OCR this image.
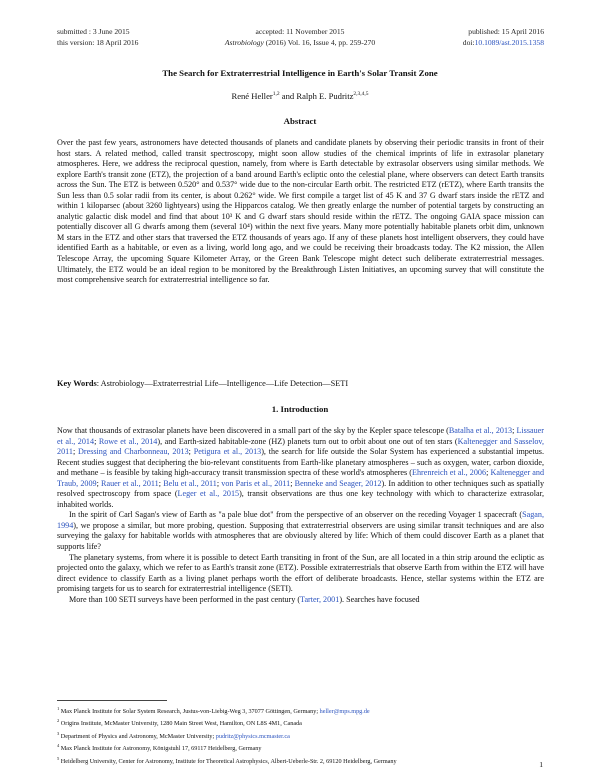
submitted : 3 June 2015
this version: 18 April 2016
accepted: 11 November 2015
Astrobiology (2016) Vol. 16, Issue 4, pp. 259-270
published: 15 April 2016
doi:10.1089/ast.2015.1358
The Search for Extraterrestrial Intelligence in Earth's Solar Transit Zone
René Heller$^{1,2}$ and Ralph E. Pudritz$^{2,3,4,5}$
Abstract

Over the past few years, astronomers have detected thousands of planets and candidate planets by observing their periodic transits in front of their host stars. A related method, called transit spectroscopy, might soon allow studies of the chemical imprints of life in extrasolar planetary atmospheres. Here, we address the reciprocal question, namely, from where is Earth detectable by extrasolar observers using similar methods. We explore Earth's transit zone (ETZ), the projection of a band around Earth's ecliptic onto the celestial plane, where observers can detect Earth transits across the Sun. The ETZ is between 0.520° and 0.537° wide due to the non-circular Earth orbit. The restricted ETZ (rETZ), where Earth transits the Sun less than 0.5 solar radii from its center, is about 0.262° wide. We first compile a target list of 45 K and 37 G dwarf stars inside the rETZ and within 1 kiloparsec (about 3260 lightyears) using the Hipparcos catalog. We then greatly enlarge the number of potential targets by constructing an analytic galactic disk model and find that about 10³ K and G dwarf stars should reside within the rETZ. The ongoing GAIA space mission can potentially discover all G dwarfs among them (several 10⁴) within the next five years. Many more potentially habitable planets orbit dim, unknown M stars in the ETZ and other stars that traversed the ETZ thousands of years ago. If any of these planets host intelligent observers, they could have identified Earth as a habitable, or even as a living, world long ago, and we could be receiving their broadcasts today. The K2 mission, the Allen Telescope Array, the upcoming Square Kilometer Array, or the Green Bank Telescope might detect such deliberate extraterrestrial messages. Ultimately, the ETZ would be an ideal region to be monitored by the Breakthrough Listen Initiatives, an upcoming survey that will constitute the most comprehensive search for extraterrestrial intelligence so far.

Key Words: Astrobiology—Extraterrestrial Life—Intelligence—Life Detection—SETI
1. Introduction

Now that thousands of extrasolar planets have been discovered in a small part of the sky by the Kepler space telescope (Batalha et al., 2013; Lissauer et al., 2014; Rowe et al., 2014), and Earth-sized habitable-zone (HZ) planets turn out to orbit about one out of ten stars (Kaltenegger and Sasselov, 2011; Dressing and Charbonneau, 2013; Petigura et al., 2013), the search for life outside the Solar System has experienced a substantial impetus. Recent studies suggest that deciphering the bio-relevant constituents from Earth-like planetary atmospheres – such as oxygen, water, carbon dioxide, and methane – is feasible by taking high-accuracy transit transmission spectra of these world's atmospheres (Ehrenreich et al., 2006; Kaltenegger and Traub, 2009; Rauer et al., 2011; Belu et al., 2011; von Paris et al., 2011; Benneke and Seager, 2012). In addition to other techniques such as spatially resolved spectroscopy from space (Leger et al., 2015), transit observations are thus one key technology with which to characterize extrasolar, inhabited worlds.

In the spirit of Carl Sagan's view of Earth as "a pale blue dot" from the perspective of an observer on the receding Voyager 1 spacecraft (Sagan, 1994), we propose a similar, but more probing, question. Supposing that extraterrestrial observers are using similar transit techniques and are also surveying the galaxy for habitable worlds with atmospheres that are obviously altered by life: Which of them could discover Earth as a planet that supports life?

The planetary systems, from where it is possible to detect Earth transiting in front of the Sun, are all located in a thin strip around the ecliptic as projected onto the galaxy, which we refer to as Earth's transit zone (ETZ). Possible extraterrestrials that observe Earth from within the ETZ will have direct evidence to classify Earth as a living planet perhaps worth the effort of deliberate broadcasts. Hence, stellar systems within the ETZ are promising targets for us to search for extraterrestrial intelligence (SETI).

More than 100 SETI surveys have been performed in the past century (Tarter, 2001). Searches have focused

$^1$ Max Planck Institute for Solar System Research, Justus-von-Liebig-Weg 3, 37077 Göttingen, Germany; heller@mps.mpg.de
$^2$ Origins Institute, McMaster University, 1280 Main Street West, Hamilton, ON L8S 4M1, Canada
$^3$ Department of Physics and Astronomy, McMaster University; pudritz@physics.mcmaster.ca
$^4$ Max Planck Institute for Astronomy, Königstuhl 17, 69117 Heidelberg, Germany
$^5$ Heidelberg University, Center for Astronomy, Institute for Theoretical Astrophysics, Albert-Ueberle-Str. 2, 69120 Heidelberg, Germany	1
